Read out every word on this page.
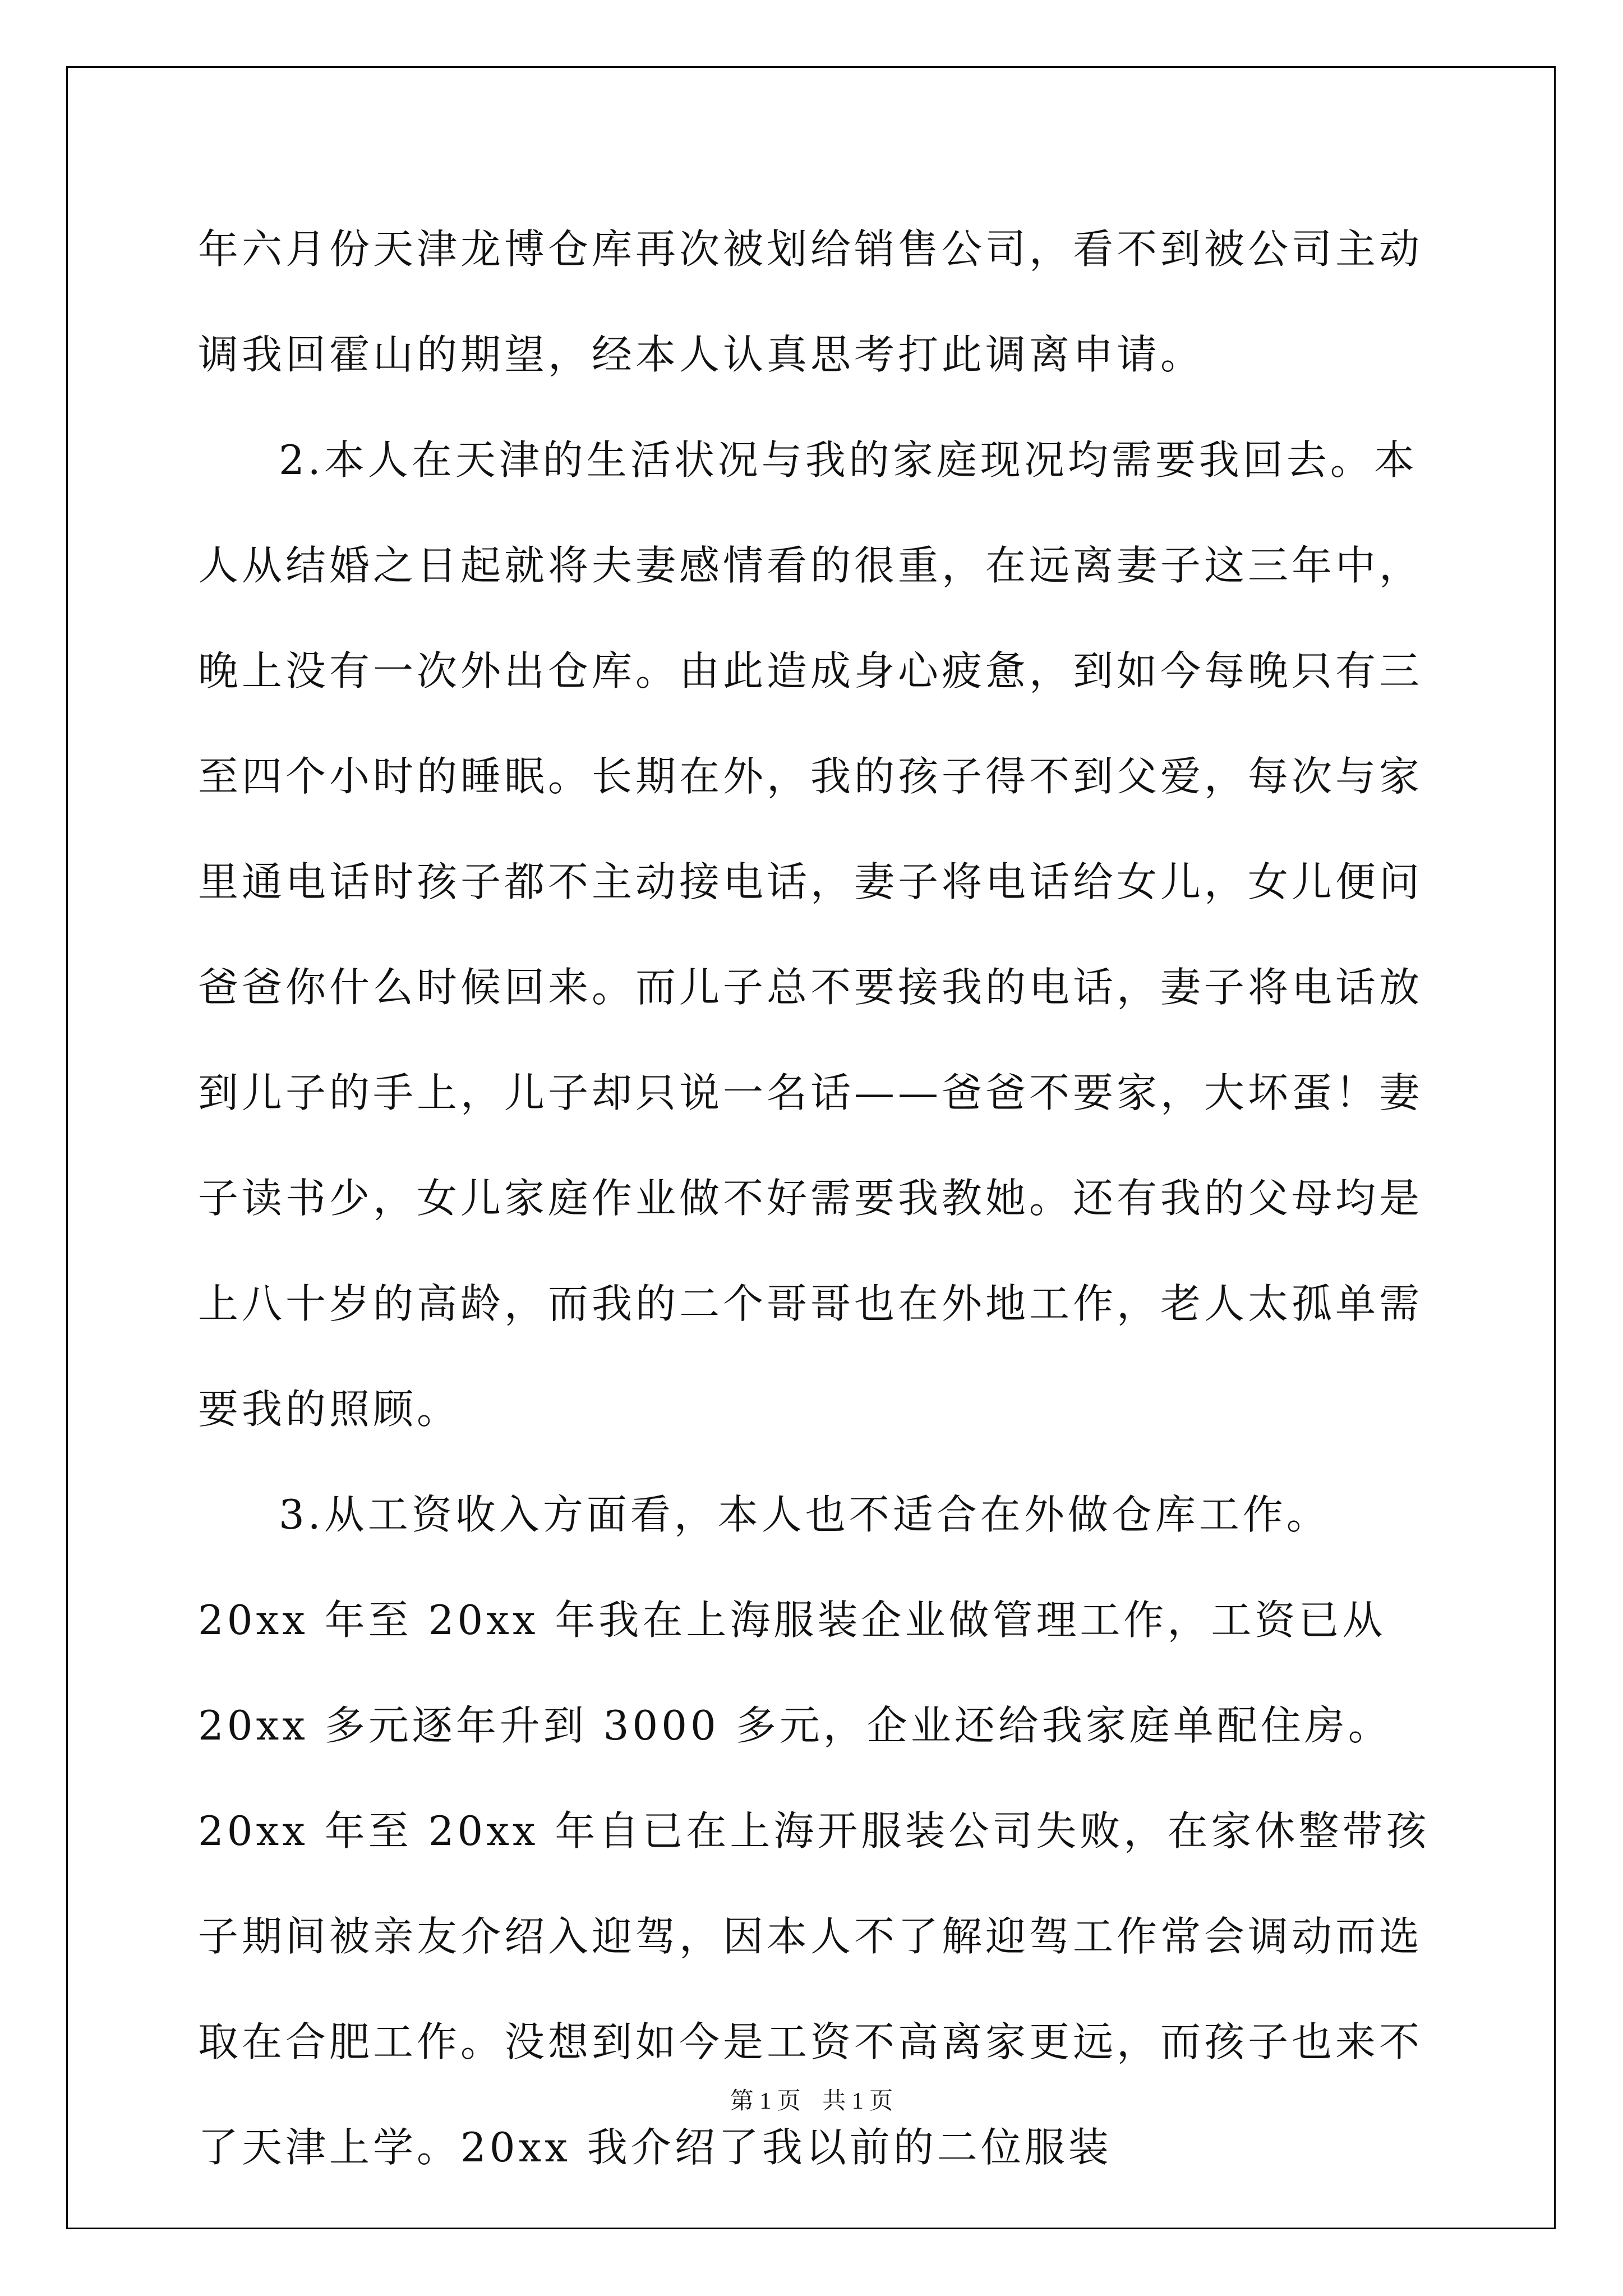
年六月份天津龙博仓库再次被划给销售公司，看不到被公司主动调我回霍山的期望，经本人认真思考打此调离申请。

2.本人在天津的生活状况与我的家庭现况均需要我回去。本人从结婚之日起就将夫妻感情看的很重，在远离妻子这三年中，晚上没有一次外出仓库。由此造成身心疲惫，到如今每晚只有三至四个小时的睡眠。长期在外，我的孩子得不到父爱，每次与家里通电话时孩子都不主动接电话，妻子将电话给女儿，女儿便问爸爸你什么时候回来。而儿子总不要接我的电话，妻子将电话放到儿子的手上，儿子却只说一名话——爸爸不要家，大坏蛋！妻子读书少，女儿家庭作业做不好需要我教她。还有我的父母均是上八十岁的高龄，而我的二个哥哥也在外地工作，老人太孤单需要我的照顾。

3.从工资收入方面看，本人也不适合在外做仓库工作。20xx 年至 20xx 年我在上海服装企业做管理工作，工资已从 20xx 多元逐年升到 3000 多元，企业还给我家庭单配住房。20xx 年至 20xx 年自已在上海开服装公司失败，在家休整带孩子期间被亲友介绍入迎驾，因本人不了解迎驾工作常会调动而选取在合肥工作。没想到如今是工资不高离家更远，而孩子也来不了天津上学。20xx 我介绍了我以前的二位服装

第 1 页 共 1 页
